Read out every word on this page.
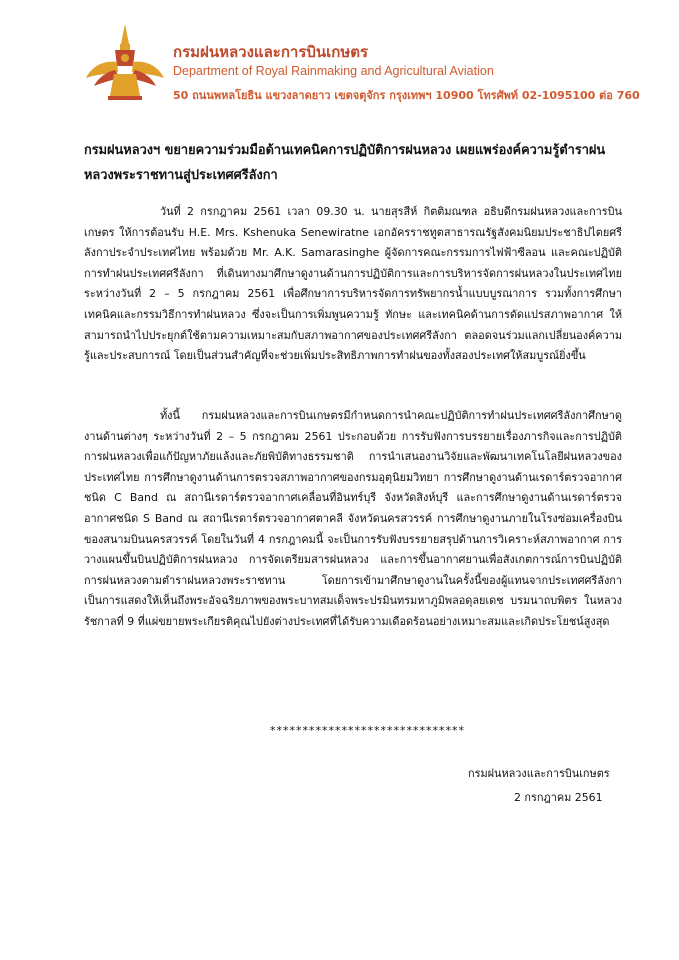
กรมฝนหลวงและการบินเกษตร
Department of Royal Rainmaking and Agricultural Aviation
50 ถนนพหลโยธิน แขวงลาดยาว เขตจตุจักร กรุงเทพฯ 10900 โทรศัพท์ 02-1095100 ต่อ 760

กรมฝนหลวงฯ ขยายความร่วมมือด้านเทคนิคการปฏิบัติการฝนหลวง เผยแพร่องค์ความรู้ตำราฝนหลวงพระราชทานสู่ประเทศศรีลังกา

วันที่ 2 กรกฎาคม 2561 เวลา 09.30 น. นายสุรสีห์ กิตติมณฑล อธิบดีกรมฝนหลวงและการบินเกษตร ให้การต้อนรับ H.E. Mrs. Kshenuka Senewiratne เอกอัครราชทูตสาธารณรัฐสังคมนิยมประชาธิปไตยศรีลังกาประจำประเทศไทย พร้อมด้วย Mr. A.K. Samarasinghe ผู้จัดการคณะกรรมการไฟฟ้าซีลอน และคณะปฏิบัติการทำฝนประเทศศรีลังกา ที่เดินทางมาศึกษาดูงานด้านการปฏิบัติการและการบริหารจัดการฝนหลวงในประเทศไทย ระหว่างวันที่ 2 – 5 กรกฎาคม 2561 เพื่อศึกษาการบริหารจัดการทรัพยากรน้ำแบบบูรณาการ รวมทั้งการศึกษาเทคนิคและกรรมวิธีการทำฝนหลวง ซึ่งจะเป็นการเพิ่มพูนความรู้ ทักษะ และเทคนิคด้านการดัดแปรสภาพอากาศ ให้สามารถนำไปประยุกต์ใช้ตามความเหมาะสมกับสภาพอากาศของประเทศศรีลังกา ตลอดจนร่วมแลกเปลี่ยนองค์ความรู้และประสบการณ์ โดยเป็นส่วนสำคัญที่จะช่วยเพิ่มประสิทธิภาพการทำฝนของทั้งสองประเทศให้สมบูรณ์ยิ่งขึ้น

ทั้งนี้ กรมฝนหลวงและการบินเกษตรมีกำหนดการนำคณะปฏิบัติการทำฝนประเทศศรีลังกาศึกษาดูงานด้านต่างๆ ระหว่างวันที่ 2 – 5 กรกฎาคม 2561 ประกอบด้วย การรับฟังการบรรยายเรื่องภารกิจและการปฏิบัติการฝนหลวงเพื่อแก้ปัญหาภัยแล้งและภัยพิบัติทางธรรมชาติ การนำเสนองานวิจัยและพัฒนาเทคโนโลยีฝนหลวงของประเทศไทย การศึกษาดูงานด้านการตรวจสภาพอากาศของกรมอุตุนิยมวิทยา การศึกษาดูงานด้านเรดาร์ตรวจอากาศชนิด C Band ณ สถานีเรดาร์ตรวจอากาศเคลื่อนที่อินทร์บุรี จังหวัดสิงห์บุรี และการศึกษาดูงานด้านเรดาร์ตรวจอากาศชนิด S Band ณ สถานีเรดาร์ตรวจอากาศตาคลี จังหวัดนครสวรรค์ การศึกษาดูงานภายในโรงซ่อมเครื่องบินของสนามบินนครสวรรค์ โดยในวันที่ 4 กรกฎาคมนี้ จะเป็นการรับฟังบรรยายสรุปด้านการวิเคราะห์สภาพอากาศ การวางแผนขึ้นบินปฏิบัติการฝนหลวง การจัดเตรียมสารฝนหลวง และการขึ้นอากาศยานเพื่อสังเกตการณ์การบินปฏิบัติการฝนหลวงตามตำราฝนหลวงพระราชทาน โดยการเข้ามาศึกษาดูงานในครั้งนี้ของผู้แทนจากประเทศศรีลังกา เป็นการแสดงให้เห็นถึงพระอัจฉริยภาพของพระบาทสมเด็จพระปรมินทรมหาภูมิพลอดุลยเดช บรมนาถบพิตร ในหลวงรัชกาลที่ 9 ที่แผ่ขยายพระเกียรติคุณไปยังต่างประเทศที่ได้รับความเดือดร้อนอย่างเหมาะสมและเกิดประโยชน์สูงสุด

******************************
กรมฝนหลวงและการบินเกษตร
2 กรกฎาคม 2561
